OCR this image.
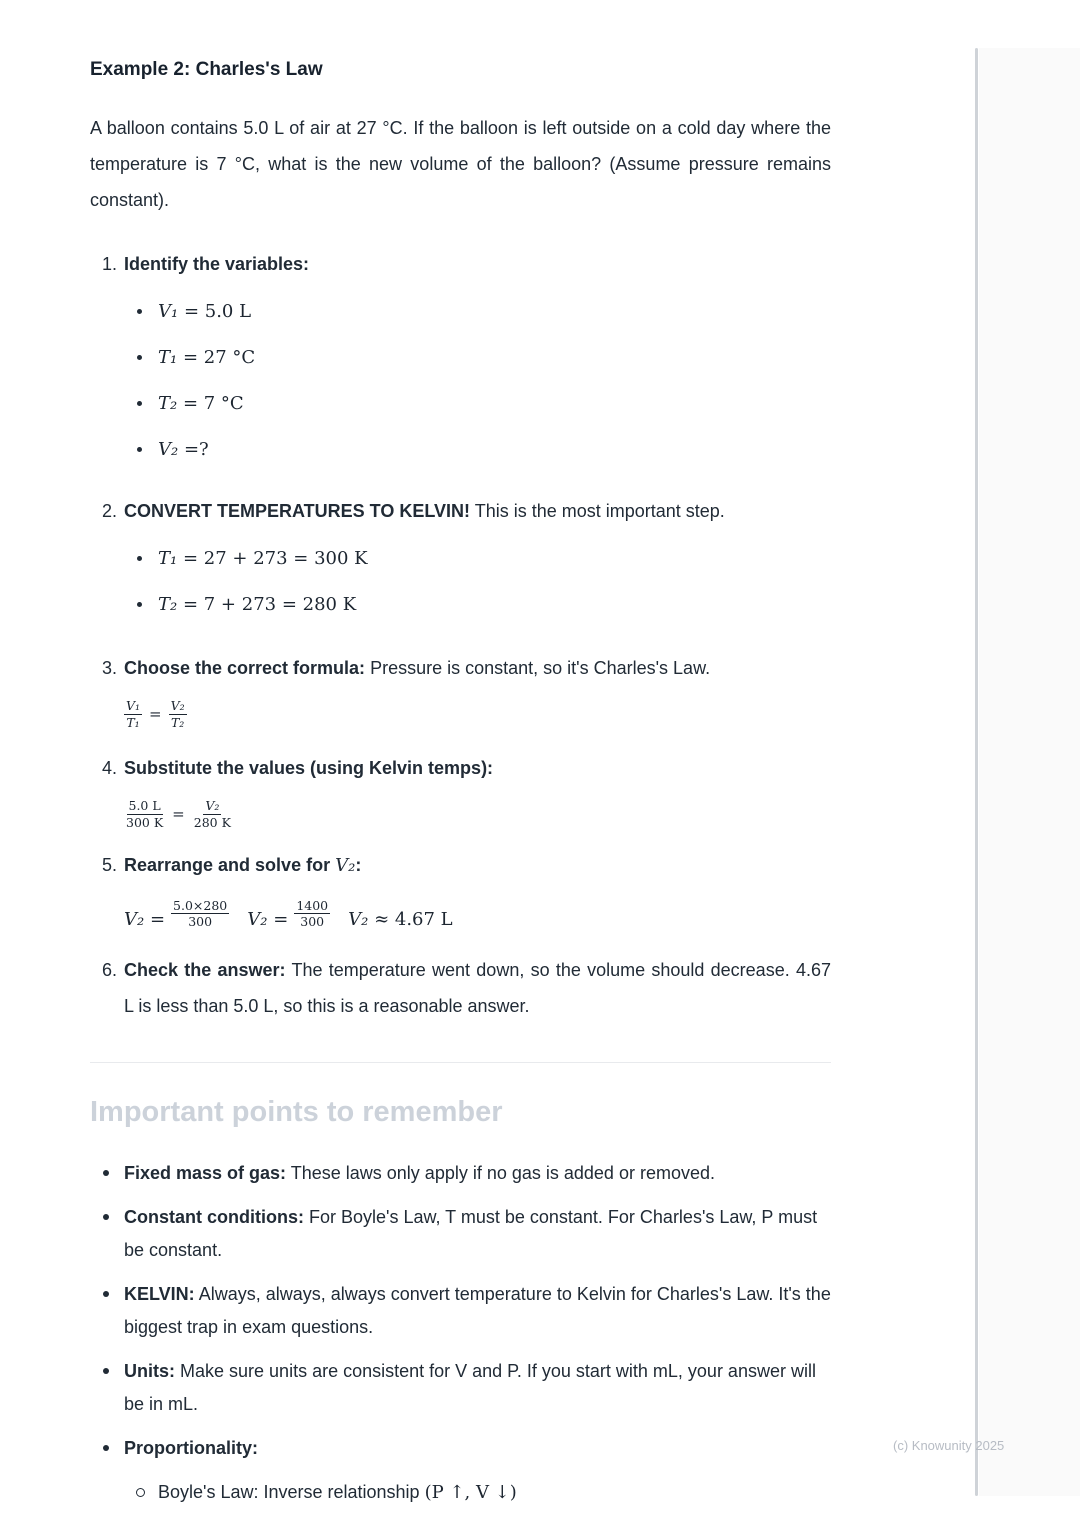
Example 2: Charles's Law

A balloon contains 5.0 L of air at 27 °C. If the balloon is left outside on a cold day where the temperature is 7 °C, what is the new volume of the balloon? (Assume pressure remains constant).

1. Identify the variables:
V₁ = 5.0 L
T₁ = 27 °C
T₂ = 7 °C
V₂ =?
2. CONVERT TEMPERATURES TO KELVIN! This is the most important step.
T₁ = 27 + 273 = 300 K
T₂ = 7 + 273 = 280 K
3. Choose the correct formula: Pressure is constant, so it's Charles's Law.
$\frac{\text{V₁}}{\text{T₁}} = \frac{\text{V₂}}{\text{T₂}}$
4. Substitute the values (using Kelvin temps):
$\frac{5.0 L}{300 K} = \frac{\text{V₂}}{280 K}$
5. Rearrange and solve for V₂:
$V_2 = \frac{5.0\times 280}{300} V_2 = \frac{1400}{300} V_2 \approx 4.67$ L
6. Check the answer: The temperature went down, so the volume should decrease. 4.67 L is less than 5.0 L, so this is a reasonable answer.
Important points to remember
Fixed mass of gas: These laws only apply if no gas is added or removed.
Constant conditions: For Boyle's Law, T must be constant. For Charles's Law, P must be constant.
KELVIN: Always, always, always convert temperature to Kelvin for Charles's Law. It's the biggest trap in exam questions.
Units: Make sure units are consistent for V and P. If you start with mL, your answer will be in mL.
Proportionality:
Boyle's Law: Inverse relationship (P ↑, V ↓)
(c) Knowunity 2025
